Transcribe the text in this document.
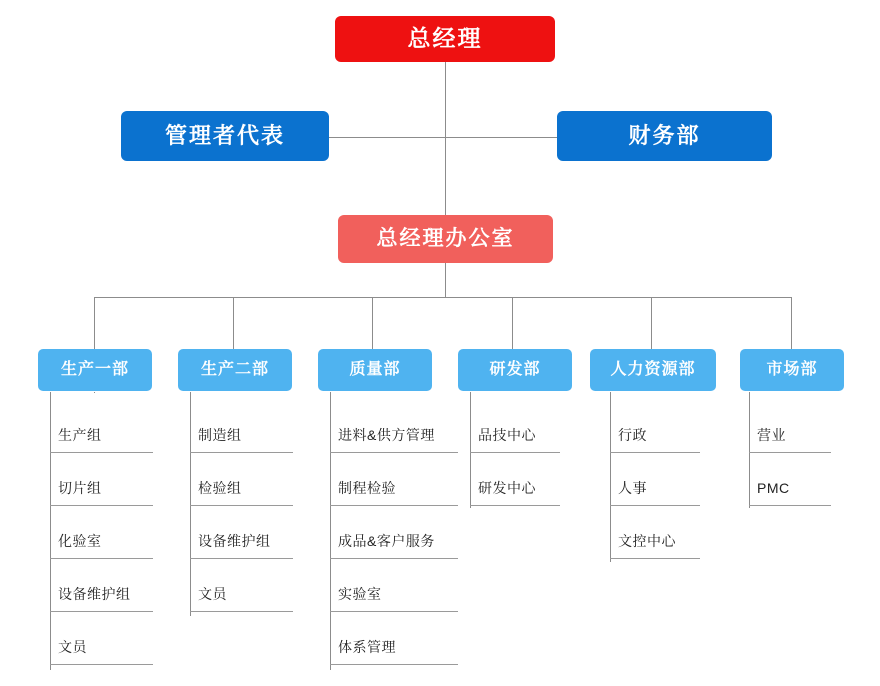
总经理
管理者代表	财务部
总经理办公室
生产一部	生产二部	质量部	研发部	人力资源部	市场部
生产组
切片组
化验室
设备维护组
文员
制造组
检验组
设备维护组
文员
进料&供方管理
制程检验
成品&客户服务
实验室
体系管理
品技中心
研发中心
行政
人事
文控中心
营业
PMC
